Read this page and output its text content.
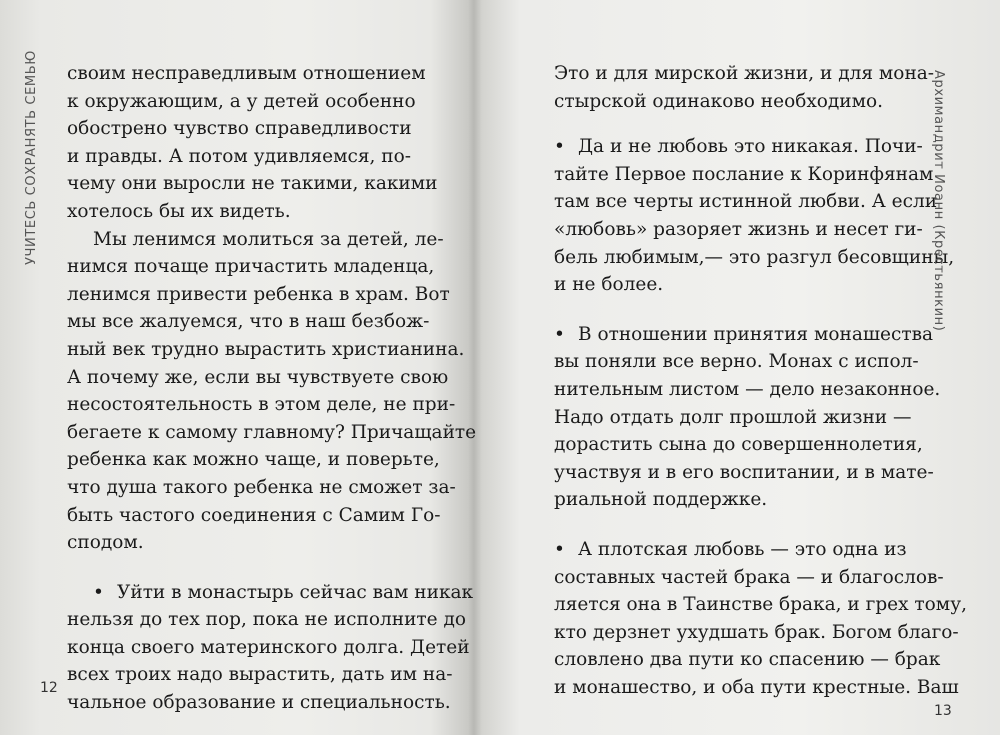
УЧИТЕСЬ СОХРАНЯТЬ СЕМЬЮ своим несправедливым отношением
к окружающим, а у детей особенно
обострено чувство справедливости
и правды. А потом удивляемся, по-
чему они выросли не такими, какими
хотелось бы их видеть.
Мы ленимся молиться за детей, ле-
нимся почаще причастить младенца,
ленимся привести ребенка в храм. Вот
мы все жалуемся, что в наш безбож-
ный век трудно вырастить христианина.
А почему же, если вы чувствуете свою
несостоятельность в этом деле, не при-
бегаете к самому главному? Причащайте
ребенка как можно чаще, и поверьте,
что душа такого ребенка не сможет за-
быть частого соединения с Самим Го-
сподом.
• Уйти в монастырь сейчас вам никак
нельзя до тех пор, пока не исполните до
конца своего материнского долга. Детей
всех троих надо вырастить, дать им на-
чальное образование и специальность.
12
Это и для мирской жизни, и для мона-
стырской одинаково необходимо.
• Да и не любовь это никакая. Почи-
тайте Первое послание к Коринфянам
там все черты истинной любви. А если
«любовь» разоряет жизнь и несет ги-
бель любимым,— это разгул бесовщины,
и не более.
• В отношении принятия монашества
вы поняли все верно. Монах с испол-
нительным листом — дело незаконное.
Надо отдать долг прошлой жизни —
дорастить сына до совершеннолетия,
участвуя и в его воспитании, и в мате-
риальной поддержке.
• А плотская любовь — это одна из
составных частей брака — и благослов-
ляется она в Таинстве брака, и грех тому,
кто дерзнет ухудшать брак. Богом благо-
словлено два пути ко спасению — брак
и монашество, и оба пути крестные. Ваш
Архимандрит Иоанн (Крестьянкин)
13
